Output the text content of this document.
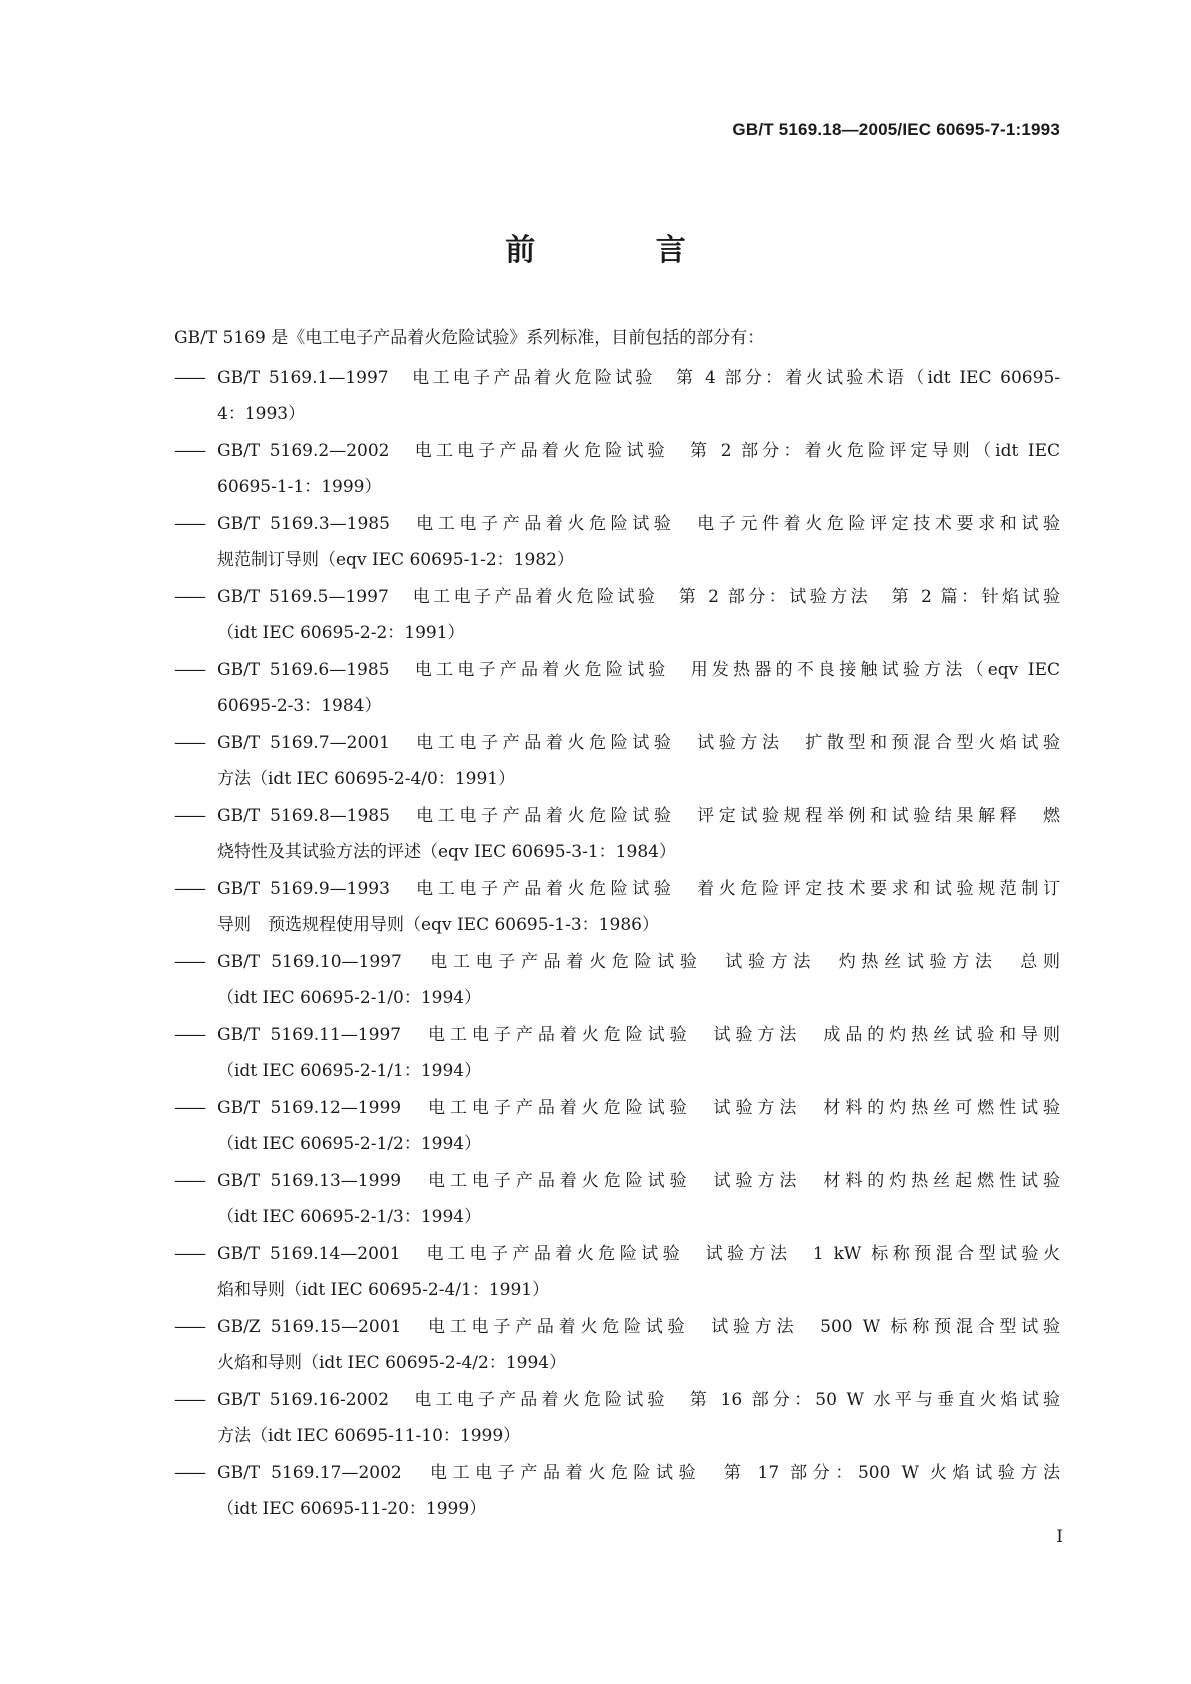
GB/T 5169.18—2005/IEC 60695-7-1:1993
前 言
GB/T 5169 是《电工电子产品着火危险试验》系列标准，目前包括的部分有：
—— GB/T 5169.1—1997　电工电子产品着火危险试验　第 4 部分：着火试验术语（idt IEC 60695-
4：1993）
—— GB/T 5169.2—2002　电工电子产品着火危险试验　第 2 部分：着火危险评定导则（idt IEC
60695-1-1：1999）
—— GB/T 5169.3—1985　电工电子产品着火危险试验　电子元件着火危险评定技术要求和试验
规范制订导则（eqv IEC 60695-1-2：1982）
—— GB/T 5169.5—1997　电工电子产品着火危险试验　第 2 部分：试验方法　第 2 篇：针焰试验
（idt IEC 60695-2-2：1991）
—— GB/T 5169.6—1985　电工电子产品着火危险试验　用发热器的不良接触试验方法（eqv IEC
60695-2-3：1984）
—— GB/T 5169.7—2001　电工电子产品着火危险试验　试验方法　扩散型和预混合型火焰试验
方法（idt IEC 60695-2-4/0：1991）
—— GB/T 5169.8—1985　电工电子产品着火危险试验　评定试验规程举例和试验结果解释　燃
烧特性及其试验方法的评述（eqv IEC 60695-3-1：1984）
—— GB/T 5169.9—1993　电工电子产品着火危险试验　着火危险评定技术要求和试验规范制订
导则　预选规程使用导则（eqv IEC 60695-1-3：1986）
—— GB/T 5169.10—1997　电工电子产品着火危险试验　试验方法　灼热丝试验方法　总则
（idt IEC 60695-2-1/0：1994）
—— GB/T 5169.11—1997　电工电子产品着火危险试验　试验方法　成品的灼热丝试验和导则
（idt IEC 60695-2-1/1：1994）
—— GB/T 5169.12—1999　电工电子产品着火危险试验　试验方法　材料的灼热丝可燃性试验
（idt IEC 60695-2-1/2：1994）
—— GB/T 5169.13—1999　电工电子产品着火危险试验　试验方法　材料的灼热丝起燃性试验
（idt IEC 60695-2-1/3：1994）
—— GB/T 5169.14—2001　电工电子产品着火危险试验　试验方法　1 kW 标称预混合型试验火
焰和导则（idt IEC 60695-2-4/1：1991）
—— GB/Z 5169.15—2001　电工电子产品着火危险试验　试验方法　500 W 标称预混合型试验
火焰和导则（idt IEC 60695-2-4/2：1994）
—— GB/T 5169.16-2002　电工电子产品着火危险试验　第 16 部分：50 W 水平与垂直火焰试验
方法（idt IEC 60695-11-10：1999）
—— GB/T 5169.17—2002　电工电子产品着火危险试验　第 17 部分：500 W 火焰试验方法
（idt IEC 60695-11-20：1999）
I
